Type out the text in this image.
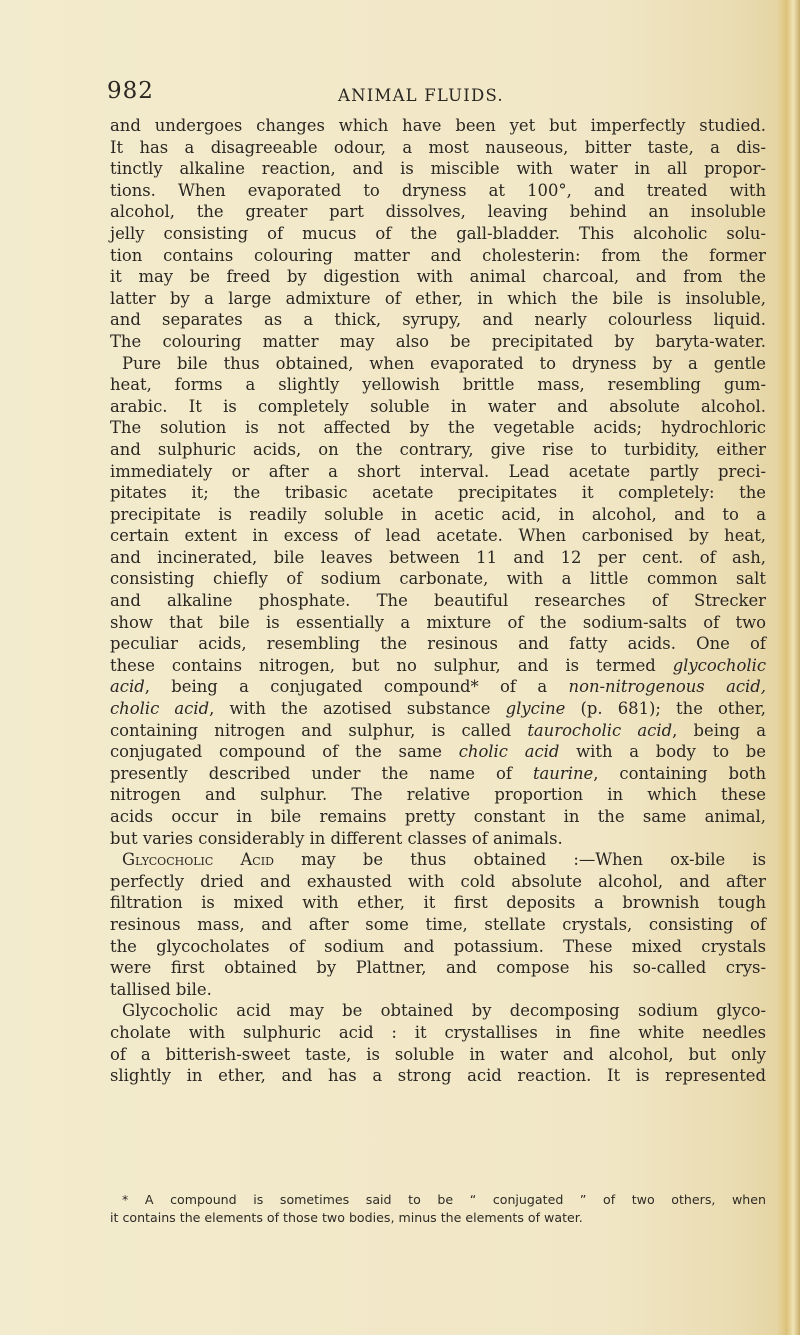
982	ANIMAL FLUIDS.
and undergoes changes which have been yet but imperfectly studied.
It has a disagreeable odour, a most nauseous, bitter taste, a dis-
tinctly alkaline reaction, and is miscible with water in all propor-
tions. When evaporated to dryness at 100°, and treated with
alcohol, the greater part dissolves, leaving behind an insoluble
jelly consisting of mucus of the gall-bladder. This alcoholic solu-
tion contains colouring matter and cholesterin: from the former
it may be freed by digestion with animal charcoal, and from the
latter by a large admixture of ether, in which the bile is insoluble,
and separates as a thick, syrupy, and nearly colourless liquid.
The colouring matter may also be precipitated by baryta-water.
Pure bile thus obtained, when evaporated to dryness by a gentle
heat, forms a slightly yellowish brittle mass, resembling gum-
arabic. It is completely soluble in water and absolute alcohol.
The solution is not affected by the vegetable acids; hydrochloric
and sulphuric acids, on the contrary, give rise to turbidity, either
immediately or after a short interval. Lead acetate partly preci-
pitates it; the tribasic acetate precipitates it completely: the
precipitate is readily soluble in acetic acid, in alcohol, and to a
certain extent in excess of lead acetate. When carbonised by heat,
and incinerated, bile leaves between 11 and 12 per cent. of ash,
consisting chiefly of sodium carbonate, with a little common salt
and alkaline phosphate. The beautiful researches of Strecker
show that bile is essentially a mixture of the sodium-salts of two
peculiar acids, resembling the resinous and fatty acids. One of
these contains nitrogen, but no sulphur, and is termed glycocholic
acid, being a conjugated compound* of a non-nitrogenous acid,
cholic acid, with the azotised substance glycine (p. 681); the other,
containing nitrogen and sulphur, is called taurocholic acid, being a
conjugated compound of the same cholic acid with a body to be
presently described under the name of taurine, containing both
nitrogen and sulphur. The relative proportion in which these
acids occur in bile remains pretty constant in the same animal,
but varies considerably in different classes of animals.
Glycocholic Acid may be thus obtained :—When ox-bile is
perfectly dried and exhausted with cold absolute alcohol, and after
filtration is mixed with ether, it first deposits a brownish tough
resinous mass, and after some time, stellate crystals, consisting of
the glycocholates of sodium and potassium. These mixed crystals
were first obtained by Plattner, and compose his so-called crys-
tallised bile.
Glycocholic acid may be obtained by decomposing sodium glyco-
cholate with sulphuric acid : it crystallises in fine white needles
of a bitterish-sweet taste, is soluble in water and alcohol, but only
slightly in ether, and has a strong acid reaction. It is represented
* A compound is sometimes said to be “ conjugated ” of two others, when
it contains the elements of those two bodies, minus the elements of water.
